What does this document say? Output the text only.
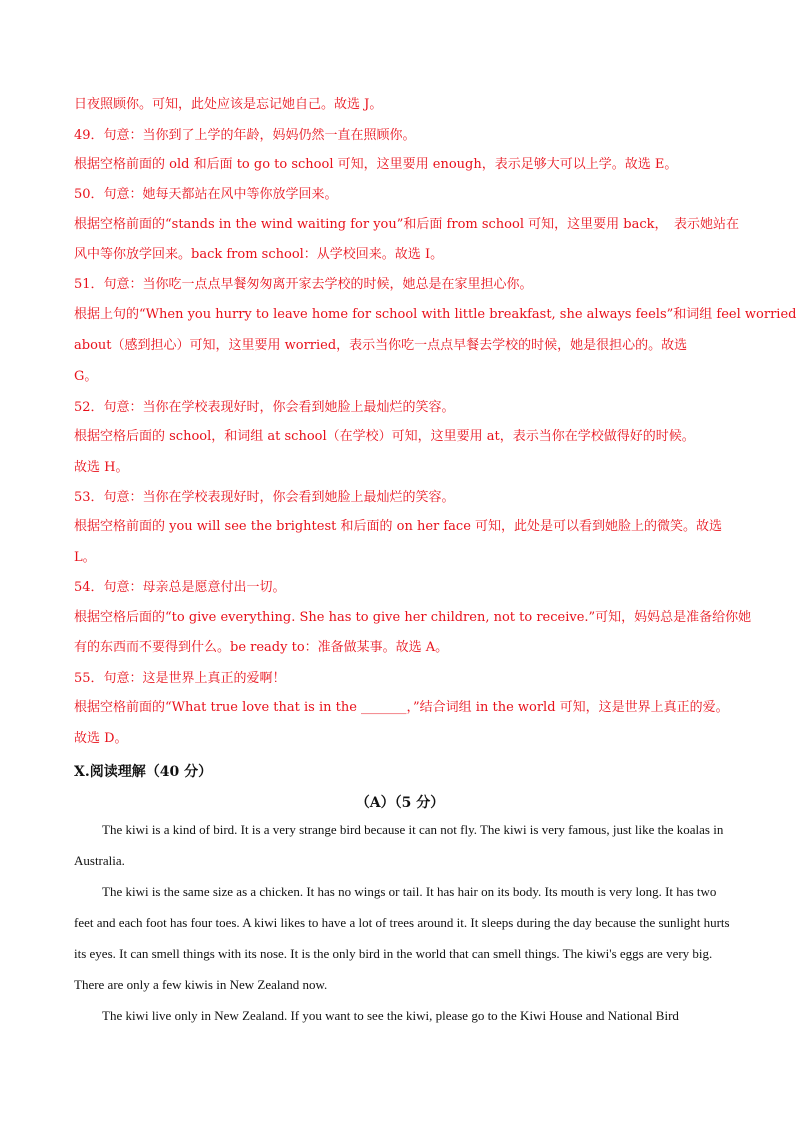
日夜照顾你。可知，此处应该是忘记她自己。故选 J。
49．句意：当你到了上学的年龄，妈妈仍然一直在照顾你。
根据空格前面的 old 和后面 to go to school 可知，这里要用 enough，表示足够大可以上学。故选 E。
50．句意：她每天都站在风中等你放学回来。
根据空格前面的“stands in the wind waiting for you”和后面 from school 可知，这里要用 back，　表示她站在
风中等你放学回来。back from school：从学校回来。故选 I。
51．句意：当你吃一点点早餐匆匆离开家去学校的时候，她总是在家里担心你。
根据上句的“When you hurry to leave home for school with little breakfast, she always feels”和词组 feel worried
about（感到担心）可知，这里要用 worried，表示当你吃一点点早餐去学校的时候，她是很担心的。故选
G。
52．句意：当你在学校表现好时，你会看到她脸上最灿烂的笑容。
根据空格后面的 school，和词组 at school（在学校）可知，这里要用 at，表示当你在学校做得好的时候。
故选 H。
53．句意：当你在学校表现好时，你会看到她脸上最灿烂的笑容。
根据空格前面的 you will see the brightest 和后面的 on her face 可知，此处是可以看到她脸上的微笑。故选
L。
54．句意：母亲总是愿意付出一切。
根据空格后面的“to give everything. She has to give her children, not to receive.”可知，妈妈总是准备给你她
有的东西而不要得到什么。be ready to：准备做某事。故选 A。
55．句意：这是世界上真正的爱啊！
根据空格前面的“What true love that is in the _______，”结合词组 in the world 可知，这是世界上真正的爱。
故选 D。
X.阅读理解（40 分）
（A）（5 分）

The kiwi is a kind of bird. It is a very strange bird because it can not fly. The kiwi is very famous, just like the koalas in Australia.

The kiwi is the same size as a chicken. It has no wings or tail. It has hair on its body. Its mouth is very long. It has two feet and each foot has four toes. A kiwi likes to have a lot of trees around it. It sleeps during the day because the sunlight hurts its eyes. It can smell things with its nose. It is the only bird in the world that can smell things. The kiwi's eggs are very big. There are only a few kiwis in New Zealand now.

The kiwi live only in New Zealand. If you want to see the kiwi, please go to the Kiwi House and National Bird
